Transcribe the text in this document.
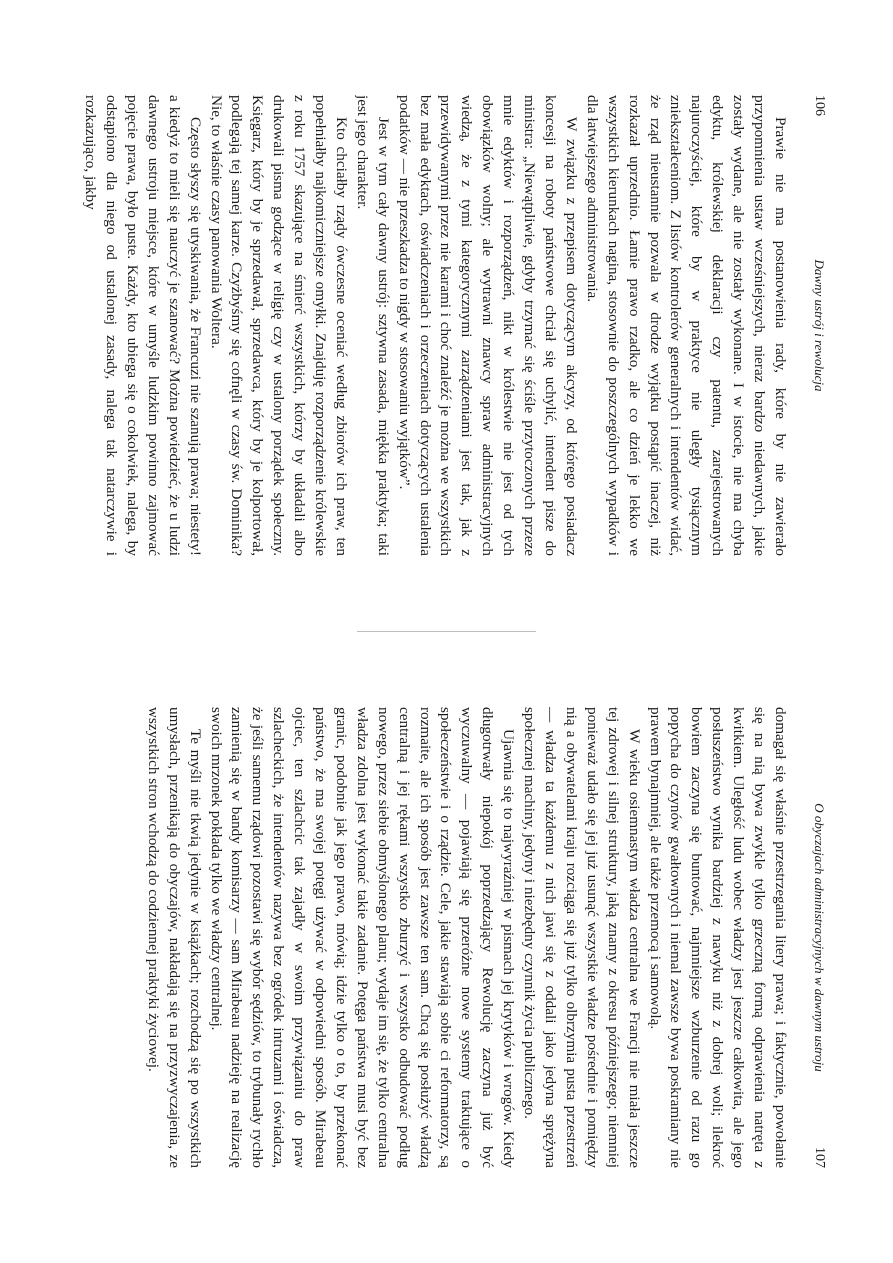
106
Dawny ustrój i rewolucja

Prawie nie ma postanowienia rady, które by nie zawierało przypomnienia ustaw wcześniejszych, nieraz bardzo niedawnych, jakie zostały wydane, ale nie zostały wykonane. I w istocie, nie ma chyba edyktu, królewskiej deklaracji czy patentu, zarejestrowanych najuroczyściej, które by w praktyce nie uległy tysiącznym zniekształceniom. Z listów kontrolerów generalnych i intendentów widać, że rząd nieustannie pozwala w drodze wyjątku postąpić inaczej, niż rozkazał uprzednio. Łamie prawo rzadko, ale co dzień je lekko we wszystkich kierunkach nagina, stosownie do poszczególnych wypadków i dla łatwiejszego administrowania.

W związku z przepisem dotyczącym akcyzy, od którego posiadacz koncesji na roboty państwowe chciał się uchylić, intendent pisze do ministra: „Niewątpliwie, gdyby trzymać się ściśle przytoczonych przeze mnie edyktów i rozporządzeń, nikt w królestwie nie jest od tych obowiązków wolny; ale wytrawni znawcy spraw administracyjnych wiedzą, że z tymi kategorycznymi zarządzeniami jest tak, jak z przewidywanymi przez nie karami i choć znaleźć je można we wszystkich bez mała edyktach, oświadczeniach i orzeczeniach dotyczących ustalenia podatków — nie przeszkadza to nigdy w stosowaniu wyjątków”.

Jest w tym cały dawny ustrój: sztywna zasada, miękka praktyka; taki jest jego charakter.

Kto chciałby rządy ówczesne oceniać według zbiorów ich praw, ten popełniałby najkomiczniejsze omyłki. Znajduję rozporządzenie królewskie z roku 1757 skazujące na śmierć wszystkich, którzy by układali albo drukowali pisma godzące w religię czy w ustalony porządek społeczny. Księgarz, który by je sprzedawał, sprzedawca, który by je kolportował, podlegają tej samej karze. Czyżbyśmy się cofnęli w czasy św. Dominika? Nie, to właśnie czasy panowania Woltera.

Często słyszy się utyskiwania, że Francuzi nie szanują prawa; niestety! a kiedyż to mieli się nauczyć je szanować? Można powiedzieć, że u ludzi dawnego ustroju miejsce, które w umyśle ludzkim powinno zajmować pojęcie prawa, było puste. Każdy, kto ubiega się o cokolwiek, nalega, by odstąpiono dla niego od ustalonej zasady, nalega tak natarczywie i rozkazująco, jakby

O obyczajach administracyjnych w dawnym ustroju
107

domagał się właśnie przestrzegania litery prawa; i faktycznie, powołanie się na nią bywa zwykle tylko grzeczną formą odprawienia natręta z kwitkiem. Uległość ludu wobec władzy jest jeszcze całkowita, ale jego posłuszeństwo wynika bardziej z nawyku niż z dobrej woli; ilekroć bowiem zaczyna się buntować, najmniejsze wzburzenie od razu go popycha do czynów gwałtownych i niemal zawsze bywa poskramiany nie prawem bynajmniej, ale także przemocą i samowolą.

W wieku osiemnastym władza centralna we Francji nie miała jeszcze tej zdrowej i silnej struktury, jaką znamy z okresu późniejszego; niemniej ponieważ udało się jej już usunąć wszystkie władze pośrednie i pomiędzy nią a obywatelami kraju rozciąga się już tylko olbrzymia pusta przestrzeń — władza ta każdemu z nich jawi się z oddali jako jedyna sprężyna społecznej machiny, jedyny i niezbędny czynnik życia publicznego.

Ujawnia się to najwyraźniej w pismach jej krytyków i wrogów. Kiedy długotrwały niepokój poprzedzający Rewolucję zaczyna już być wyczuwalny — pojawiają się przeróżne nowe systemy traktujące o społeczeństwie i o rządzie. Cele, jakie stawiają sobie ci reformatorzy, są rozmaite, ale ich sposób jest zawsze ten sam. Chcą się posłużyć władzą centralną i jej rękami wszystko zburzyć i wszystko odbudować podług nowego, przez siebie obmyślonego planu; wydaje im się, że tylko centralna władza zdolna jest wykonać takie zadanie. Potęga państwa musi być bez granic, podobnie jak jego prawo, mówią; idzie tylko o to, by przekonać państwo, że ma swojej potęgi używać w odpowiedni sposób. Mirabeau ojciec, ten szlachcic tak zajadły w swoim przywiązaniu do praw szlacheckich, że intendentów nazywa bez ogródek intruzami i oświadcza, że jeśli samemu rządowi pozostawi się wybór sędziów, to trybunały rychło zamienią się w bandy komisarzy — sam Mirabeau nadzieję na realizację swoich mrzonek pokłada tylko we władzy centralnej.

Te myśli nie tkwią jedynie w książkach; rozchodzą się po wszystkich umysłach, przenikają do obyczajów, nakładają się na przyzwyczajenia, ze wszystkich stron wchodzą do codziennej praktyki życiowej.
